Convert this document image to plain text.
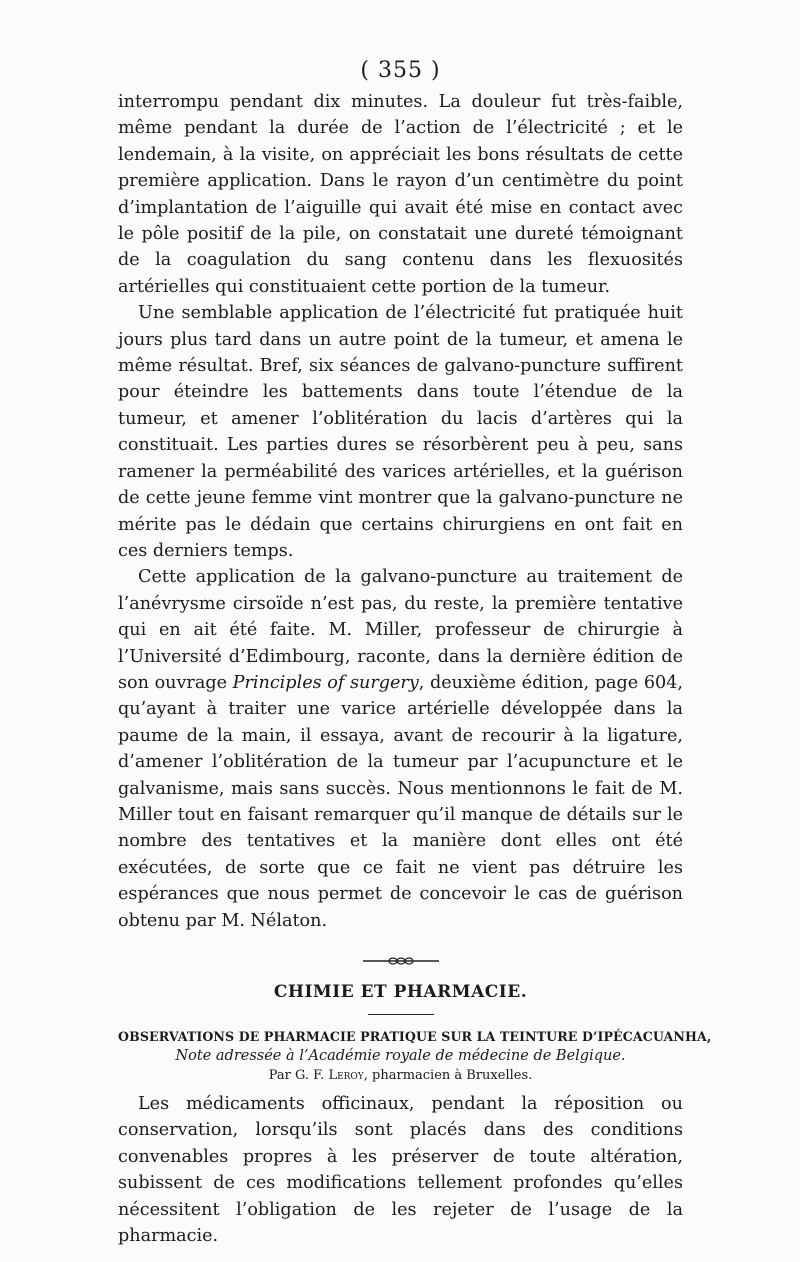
( 355 )

interrompu pendant dix minutes. La douleur fut très-faible, même pendant la durée de l’action de l’électricité ; et le lendemain, à la visite, on appréciait les bons résultats de cette première application. Dans le rayon d’un centimètre du point d’implantation de l’aiguille qui avait été mise en contact avec le pôle positif de la pile, on constatait une dureté témoignant de la coagulation du sang contenu dans les flexuosités artérielles qui constituaient cette portion de la tumeur.

Une semblable application de l’électricité fut pratiquée huit jours plus tard dans un autre point de la tumeur, et amena le même résultat. Bref, six séances de galvano-puncture suffirent pour éteindre les battements dans toute l’étendue de la tumeur, et amener l’oblitération du lacis d’artères qui la constituait. Les parties dures se résorbèrent peu à peu, sans ramener la perméabilité des varices artérielles, et la guérison de cette jeune femme vint montrer que la galvano-puncture ne mérite pas le dédain que certains chirurgiens en ont fait en ces derniers temps.

Cette application de la galvano-puncture au traitement de l’anévrysme cirsoïde n’est pas, du reste, la première tentative qui en ait été faite. M. Miller, professeur de chirurgie à l’Université d’Edimbourg, raconte, dans la dernière édition de son ouvrage Principles of surgery, deuxième édition, page 604, qu’ayant à traiter une varice artérielle développée dans la paume de la main, il essaya, avant de recourir à la ligature, d’amener l’oblitération de la tumeur par l’acupuncture et le galvanisme, mais sans succès. Nous mentionnons le fait de M. Miller tout en faisant remarquer qu’il manque de détails sur le nombre des tentatives et la manière dont elles ont été exécutées, de sorte que ce fait ne vient pas détruire les espérances que nous permet de concevoir le cas de guérison obtenu par M. Nélaton.

CHIMIE ET PHARMACIE.
OBSERVATIONS DE PHARMACIE PRATIQUE SUR LA TEINTURE D’IPÉCACUANHA,
Note adressée à l’Académie royale de médecine de Belgique.
Par G. F. Leroy, pharmacien à Bruxelles.

Les médicaments officinaux, pendant la réposition ou conservation, lorsqu’ils sont placés dans des conditions convenables propres à les préserver de toute altération, subissent de ces modifications tellement profondes qu’elles nécessitent l’obligation de les rejeter de l’usage de la pharmacie.
